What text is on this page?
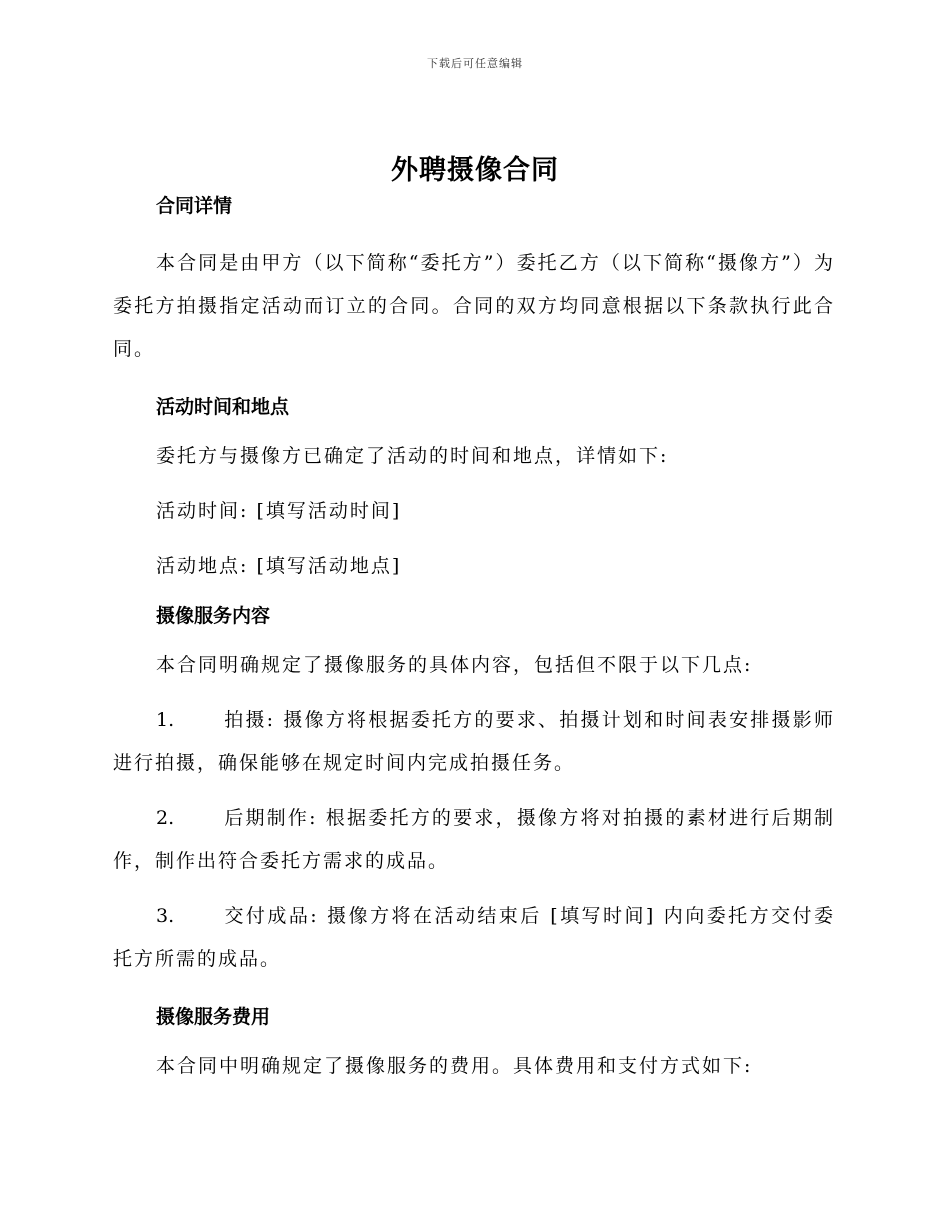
下载后可任意编辑
外聘摄像合同

合同详情

本合同是由甲方（以下简称“委托方”）委托乙方（以下简称“摄像方”）为委托方拍摄指定活动而订立的合同。合同的双方均同意根据以下条款执行此合同。

活动时间和地点

委托方与摄像方已确定了活动的时间和地点，详情如下:

活动时间: [填写活动时间]

活动地点: [填写活动地点]

摄像服务内容

本合同明确规定了摄像服务的具体内容，包括但不限于以下几点:

1.	拍摄: 摄像方将根据委托方的要求、拍摄计划和时间表安排摄影师进行拍摄，确保能够在规定时间内完成拍摄任务。

2.	后期制作: 根据委托方的要求，摄像方将对拍摄的素材进行后期制作，制作出符合委托方需求的成品。

3.	交付成品: 摄像方将在活动结束后 [填写时间] 内向委托方交付委托方所需的成品。

摄像服务费用

本合同中明确规定了摄像服务的费用。具体费用和支付方式如下:
